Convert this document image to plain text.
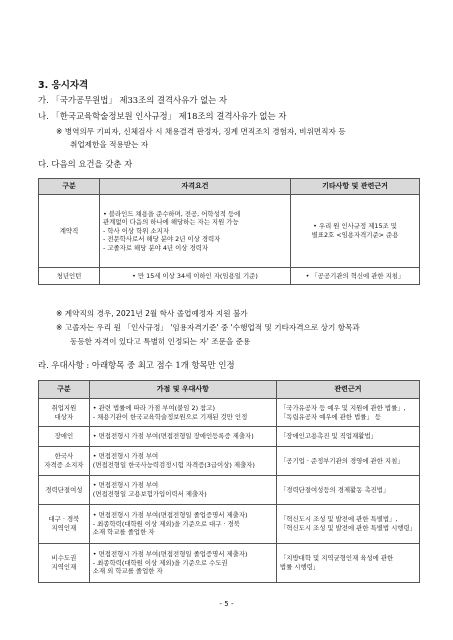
3. 응시자격
가. 「국가공무원법」 제33조의 결격사유가 없는 자
나. 「한국교육학술정보원 인사규정」 제18조의 결격사유가 없는 자
※ 병역의무 기피자, 신체검사 시 채용결격 판정자, 징계 면직조치 경험자, 비위면직자 등
취업제한을 적용받는 자
다. 다음의 요건을 갖춘 자
구분	자격요건	기타사항 및 관련근거
계약직	• 블라인드 채용을 준수하며, 전공, 어학성적 등에
관계없이 다음의 하나에 해당하는 자는 지원 가능
- 학사 이상 학위 소지자
- 전문학사로서 해당 분야 2년 이상 경력자
- 고졸자로 해당 분야 4년 이상 경력자	• 우리 원 인사규정 제15조 및
별표2호 <임용자격기준> 준용

청년인턴	• 만 15세 이상 34세 이하인 자(임용일 기준)	• 「공공기관의 혁신에 관한 지침」
※ 계약직의 경우, 2021년 2월 학사 졸업예정자 지원 불가
※ 고졸자는 우리 원 「인사규정」 '임용자격기준' 중 '수행업적 및 기타자격으로 상기 항목과
동등한 자격이 있다고 특별히 인정되는 자' 조문을 준용
라. 우대사항 : 아래항목 중 최고 점수 1개 항목만 인정
구분	가점 및 우대사항	관련근거

취업지원
대상자	• 관련 법률에 따라 가점 부여(붙임 2) 참고)
- 채용기관이 한국교육학술정보원으로 기재된 것만 인정	「국가유공자 등 예우 및 지원에 관한 법률」,
「독립유공자 예우에 관한 법률」 등

장애인	• 면접전형시 가점 부여(면접전형일 장애인등록증 제출자)	「장애인고용촉진 및 직업재활법」

한국사
자격증 소지자	• 면접전형시 가점 부여
(면접전형일 한국사능력검정시험 자격증(3급이상) 제출자)	「공기업 · 준정부기관의 경영에 관한 지침」
경력단절여성	• 면접전형시 가점 부여
(면접전형일 고용보험가입이력서 제출자)	「경력단절여성등의 경제활동 촉진법」

대구 · 경북
지역인재	• 면접전형시 가점 부여(면접전형일 졸업증명서 제출자)
- 최종학력(대학원 이상 제외)을 기준으로 대구 · 경북
소재 학교를 졸업한 자	「혁신도시 조성 및 발전에 관한 특별법」,
「혁신도시 조성 및 발전에 관한 특별법 시행령」

비수도권
지역인재	• 면접전형시 가점 부여(면접전형일 졸업증명서 제출자)
- 최종학력(대학원 이상 제외)을 기준으로 수도권
소재 외 학교를 졸업한 자	「지방대학 및 지역균형인재 육성에 관한
법률 시행령」
- 5 -
